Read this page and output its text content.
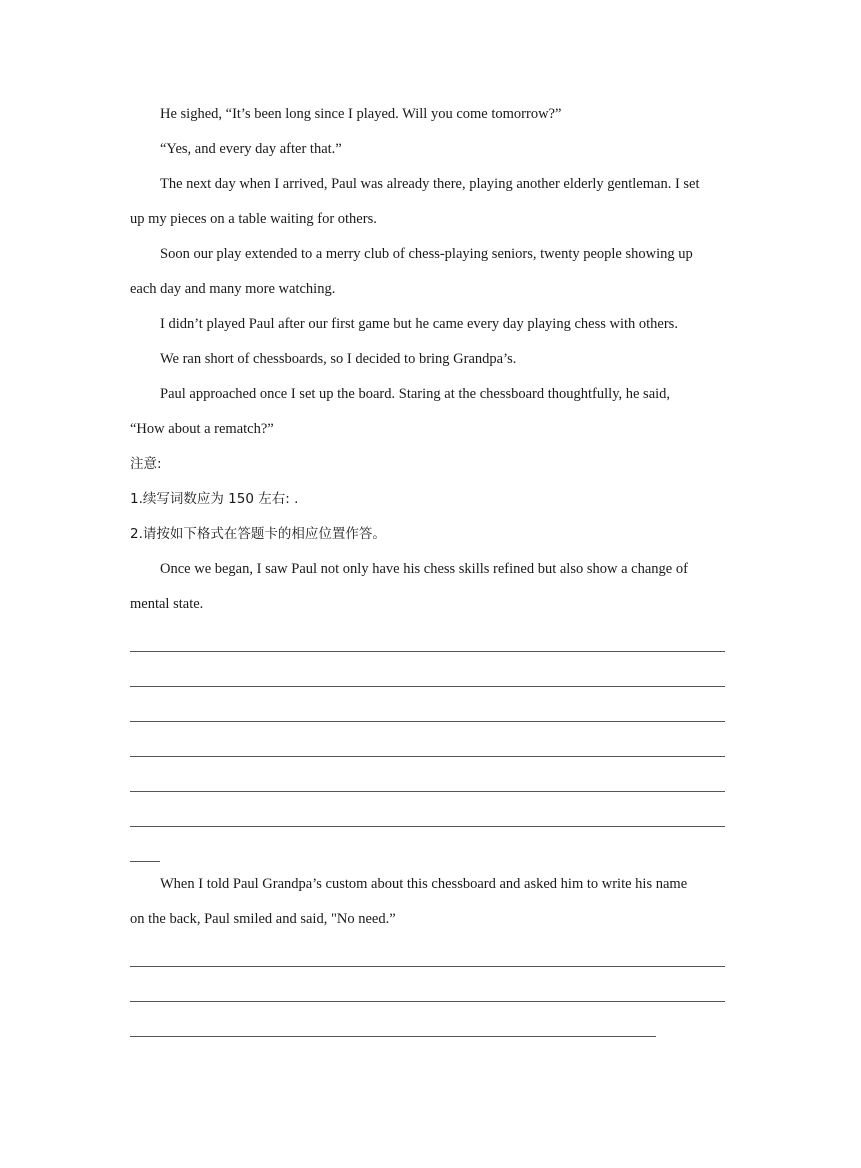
He sighed, “It’s been long since I played. Will you come tomorrow?”
“Yes, and every day after that.”
The next day when I arrived, Paul was already there, playing another elderly gentleman. I set
up my pieces on a table waiting for others.
Soon our play extended to a merry club of chess-playing seniors, twenty people showing up
each day and many more watching.
I didn’t played Paul after our first game but he came every day playing chess with others.
We ran short of chessboards, so I decided to bring Grandpa’s.
Paul approached once I set up the board. Staring at the chessboard thoughtfully, he said,
“How about a rematch?”
注意:
1.续写词数应为 150 左右: .
2.请按如下格式在答题卡的相应位置作答。
Once we began, I saw Paul not only have his chess skills refined but also show a change of
mental state.
When I told Paul Grandpa’s custom about this chessboard and asked him to write his name
on the back, Paul smiled and said, "No need.”
